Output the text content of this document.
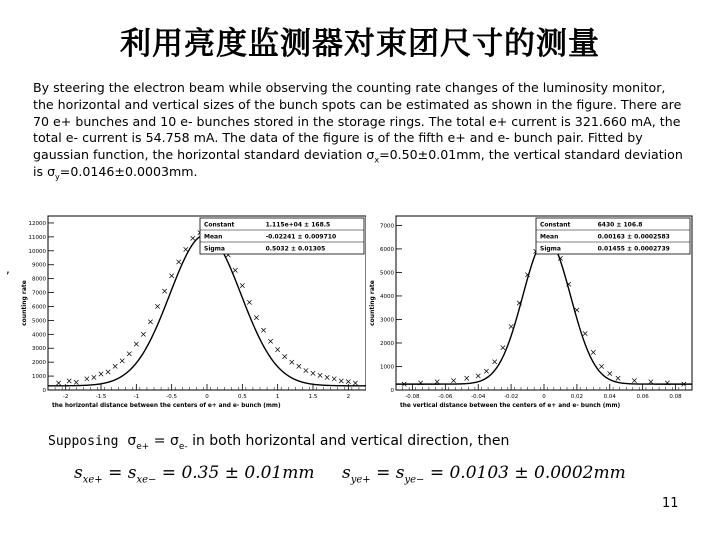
利用亮度监测器对束团尺寸的测量
By steering the electron beam while observing the counting rate changes of the luminosity monitor, the horizontal and vertical sizes of the bunch spots can be estimated as shown in the figure. There are 70 e+ bunches and 10 e- bunches stored in the storage rings. The total e+ current is 321.660 mA, the total e- current is 54.758 mA. The data of the figure is of the fifth e+ and e- bunch pair. Fitted by gaussian function, the horizontal standard deviation $\sigma_x=0.50\pm 0.01mm$, the vertical standard deviation is $\sigma_y=0.0146\pm 0.0003mm$.
,
0
1000
2000
3000
4000
5000
6000
7000
8000
9000
10000
11000
12000
-2	-1.5	-1	-0.5	0	0.5	1	1.5	2
the horizontal distance between the centers of e+ and e- bunch (mm)
counting rate
Constant	1.115e+04 ± 168.5
Mean	-0.02241 ± 0.009710
Sigma	0.5032 ± 0.01305
0
1000
2000
3000
4000
5000
6000
7000
-0.08	-0.06	-0.04	-0.02	0	0.02	0.04	0.06	0.08
the vertical distance between the centers of e+ and e- bunch (mm)
counting rate
Constant	6430 ± 106.8
Mean	0.00163 ± 0.0002583
Sigma	0.01455 ± 0.0002739
Supposing $\sigma_{e+} = \sigma_{e-}$ in both horizontal and vertical direction, then
$s_{xe+} = s_{xe-} = 0.35 \pm 0.01mm$ $s_{ye+} = s_{ye-} = 0.0103 \pm 0.0002mm$
11
